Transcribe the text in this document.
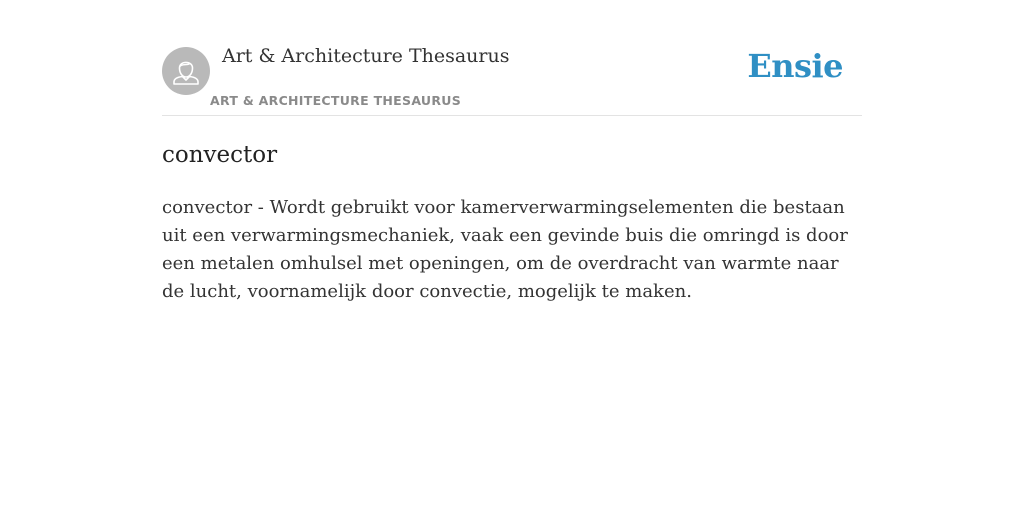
Art & Architecture Thesaurus
ART & ARCHITECTURE THESAURUS
Ensie
convector

convector - Wordt gebruikt voor kamerverwarmingselementen die bestaan uit een verwarmingsmechaniek, vaak een gevinde buis die omringd is door een metalen omhulsel met openingen, om de overdracht van warmte naar de lucht, voornamelijk door convectie, mogelijk te maken.
